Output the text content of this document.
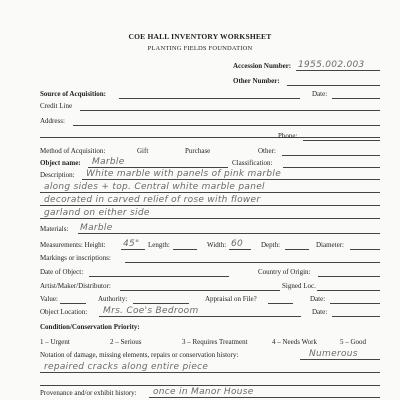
COE HALL INVENTORY WORKSHEET
PLANTING FIELDS FOUNDATION
Accession Number: 1955.002.003
Other Number:
Source of Acquisition:	Date:
Credit Line
Address:
Phone:
Method of Acquisition:	Gift	Purchase	Other:
Object name: Marble	Classification:
Description: White marble with panels of pink marble
along sides + top. Central white marble panel
decorated in carved relief of rose with flower
garland on either side
Materials: Marble
Measurements: Height: 45" Length:	Width: 60	Depth:	Diameter:
Markings or inscriptions:
Date of Object:	Country of Origin:
Artist/Maker/Distributor:	Signed Loc.
Value:	Authority:	Appraisal on File?	Date:
Object Location: Mrs. Coe's Bedroom	Date:
Condition/Conservation Priority:
1 – Urgent	2 – Serious	3 – Requires Treatment	4 – Needs Work	5 – Good
Notation of damage, missing elements, repairs or conservation history:	Numerous
repaired cracks along entire piece
Provenance and/or exhibit history: once in Manor House
